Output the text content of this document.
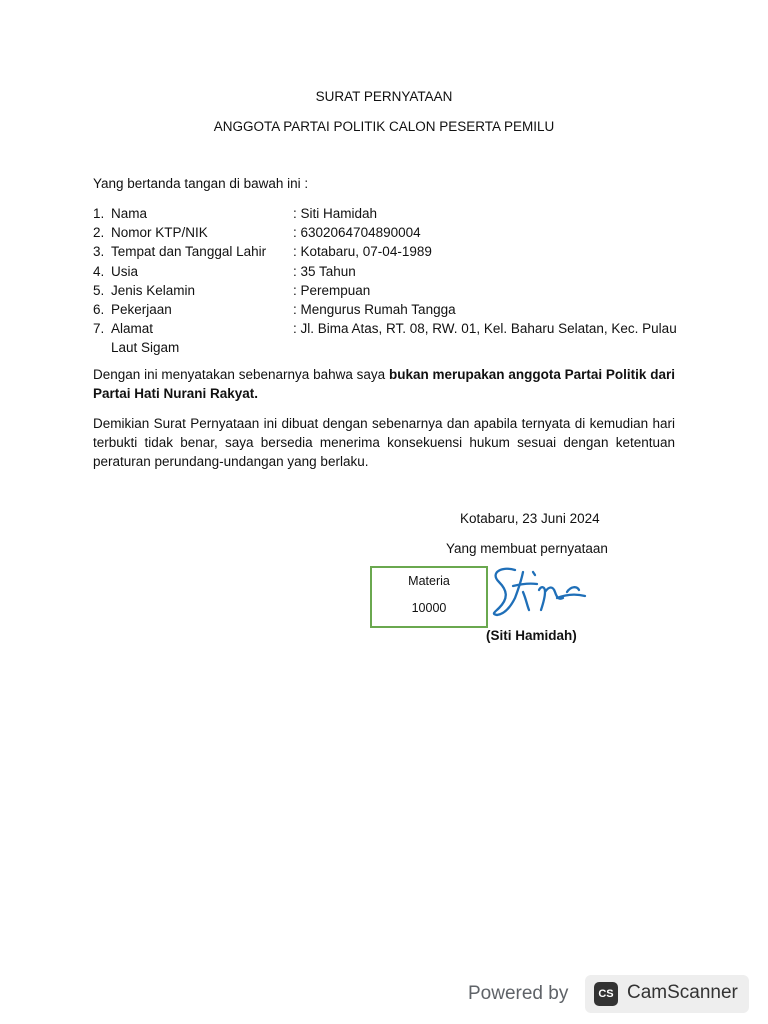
SURAT PERNYATAAN
ANGGOTA PARTAI POLITIK CALON PESERTA PEMILU
Yang bertanda tangan di bawah ini :
1. Nama	: Siti Hamidah
2. Nomor KTP/NIK	: 6302064704890004
3. Tempat dan Tanggal Lahir : Kotabaru, 07-04-1989
4. Usia	: 35 Tahun
5. Jenis Kelamin	: Perempuan
6. Pekerjaan	: Mengurus Rumah Tangga
7. Alamat	: Jl. Bima Atas, RT. 08, RW. 01, Kel. Baharu Selatan, Kec. Pulau
Laut Sigam

Dengan ini menyatakan sebenarnya bahwa saya bukan merupakan anggota Partai Politik dari Partai Hati Nurani Rakyat.

Demikian Surat Pernyataan ini dibuat dengan sebenarnya dan apabila ternyata di kemudian hari terbukti tidak benar, saya bersedia menerima konsekuensi hukum sesuai dengan ketentuan peraturan perundang-undangan yang berlaku.

Kotabaru, 23 Juni 2024
Yang membuat pernyataan
Materia
10000
(Siti Hamidah)
Powered by	CS CamScanner
